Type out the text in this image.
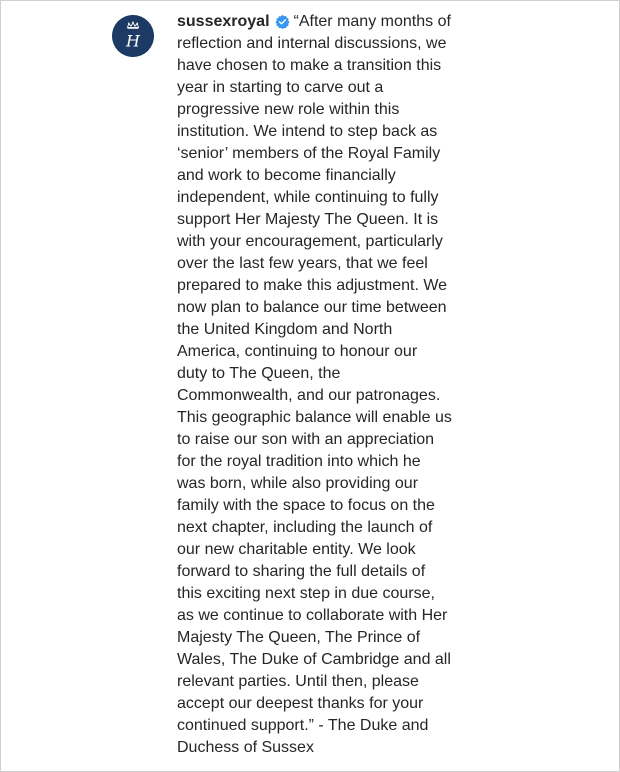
H

sussexroyal “After many months of
reflection and internal discussions, we
have chosen to make a transition this
year in starting to carve out a
progressive new role within this
institution. We intend to step back as
‘senior’ members of the Royal Family
and work to become financially
independent, while continuing to fully
support Her Majesty The Queen. It is
with your encouragement, particularly
over the last few years, that we feel
prepared to make this adjustment. We
now plan to balance our time between
the United Kingdom and North
America, continuing to honour our
duty to The Queen, the
Commonwealth, and our patronages.
This geographic balance will enable us
to raise our son with an appreciation
for the royal tradition into which he
was born, while also providing our
family with the space to focus on the
next chapter, including the launch of
our new charitable entity. We look
forward to sharing the full details of
this exciting next step in due course,
as we continue to collaborate with Her
Majesty The Queen, The Prince of
Wales, The Duke of Cambridge and all
relevant parties. Until then, please
accept our deepest thanks for your
continued support.” - The Duke and
Duchess of Sussex
